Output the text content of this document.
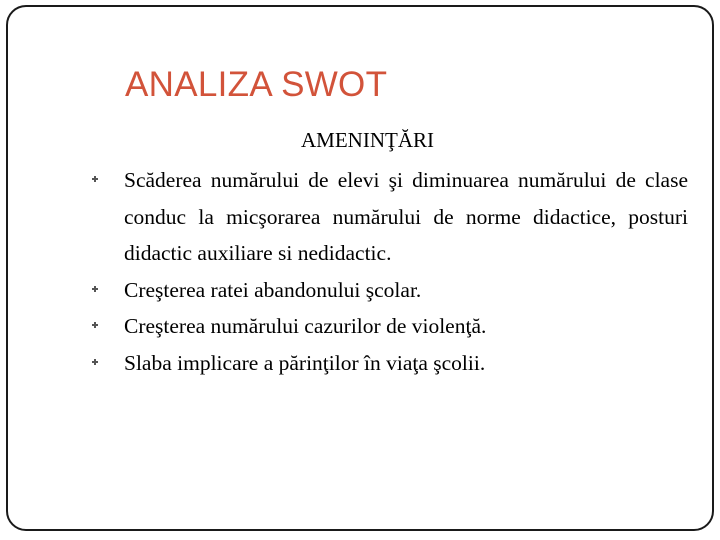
ANALIZA SWOT
AMENINŢĂRI
Scăderea numărului de elevi şi diminuarea numărului de clase conduc la micşorarea numărului de norme didactice, posturi didactic auxiliare si nedidactic.
Creşterea ratei abandonului şcolar.
Creşterea numărului cazurilor de violenţă.
Slaba implicare a părinţilor în viaţa şcolii.
